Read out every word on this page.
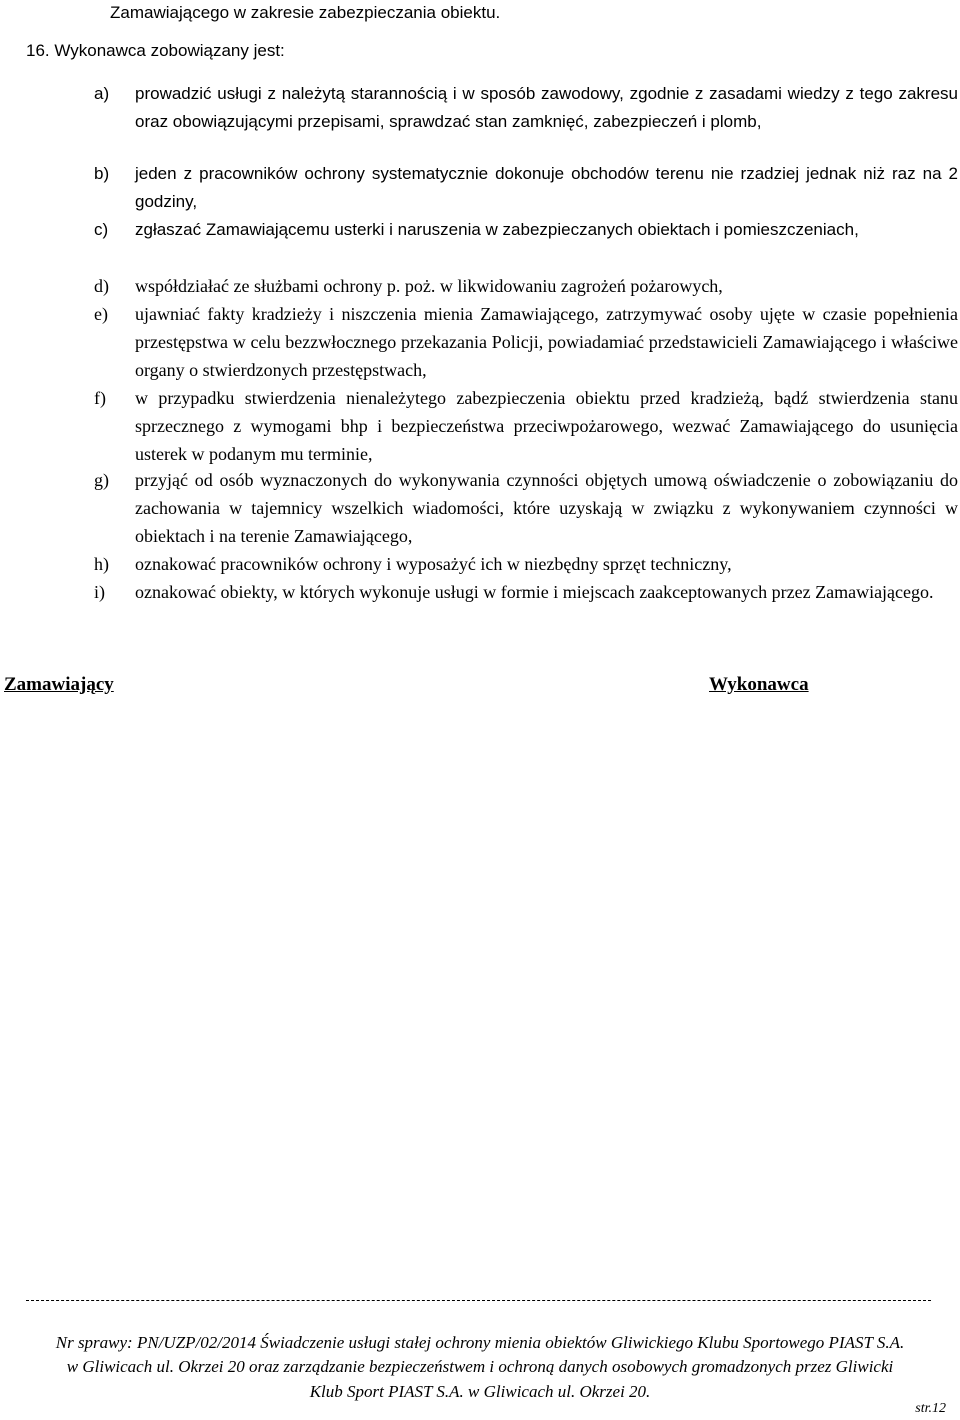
Zamawiającego w zakresie zabezpieczania obiektu.
16. Wykonawca zobowiązany jest:
a)	prowadzić usługi z należytą starannością i w sposób zawodowy, zgodnie z zasadami wiedzy z tego zakresu oraz obowiązującymi przepisami, sprawdzać stan zamknięć, zabezpieczeń i plomb,
b)	jeden z pracowników ochrony systematycznie dokonuje obchodów terenu nie rzadziej jednak niż raz na 2 godziny,
c)	zgłaszać Zamawiającemu usterki i naruszenia w zabezpieczanych obiektach i pomieszczeniach,
d)	współdziałać ze służbami ochrony p. poż. w likwidowaniu zagrożeń pożarowych,
e)	ujawniać fakty kradzieży i niszczenia mienia Zamawiającego, zatrzymywać osoby ujęte w czasie popełnienia przestępstwa w celu bezzwłocznego przekazania Policji, powiadamiać przedstawicieli Zamawiającego i właściwe organy o stwierdzonych przestępstwach,
f)	w przypadku stwierdzenia nienależytego zabezpieczenia obiektu przed kradzieżą, bądź stwierdzenia stanu sprzecznego z wymogami bhp i bezpieczeństwa przeciwpożarowego, wezwać Zamawiającego do usunięcia usterek w podanym mu terminie,
g)	przyjąć od osób wyznaczonych do wykonywania czynności objętych umową oświadczenie o zobowiązaniu do zachowania w tajemnicy wszelkich wiadomości, które uzyskają w związku z wykonywaniem czynności w obiektach i na terenie Zamawiającego,
h)	oznakować pracowników ochrony i wyposażyć ich w niezbędny sprzęt techniczny,
i)	oznakować obiekty, w których wykonuje usługi w formie i miejscach zaakceptowanych przez Zamawiającego.
Zamawiający	Wykonawca
Nr sprawy: PN/UZP/02/2014 Świadczenie usługi stałej ochrony mienia obiektów Gliwickiego Klubu Sportowego PIAST S.A.
w Gliwicach ul. Okrzei 20 oraz zarządzanie bezpieczeństwem i ochroną danych osobowych gromadzonych przez Gliwicki
Klub Sport PIAST S.A. w Gliwicach ul. Okrzei 20.
str.12
